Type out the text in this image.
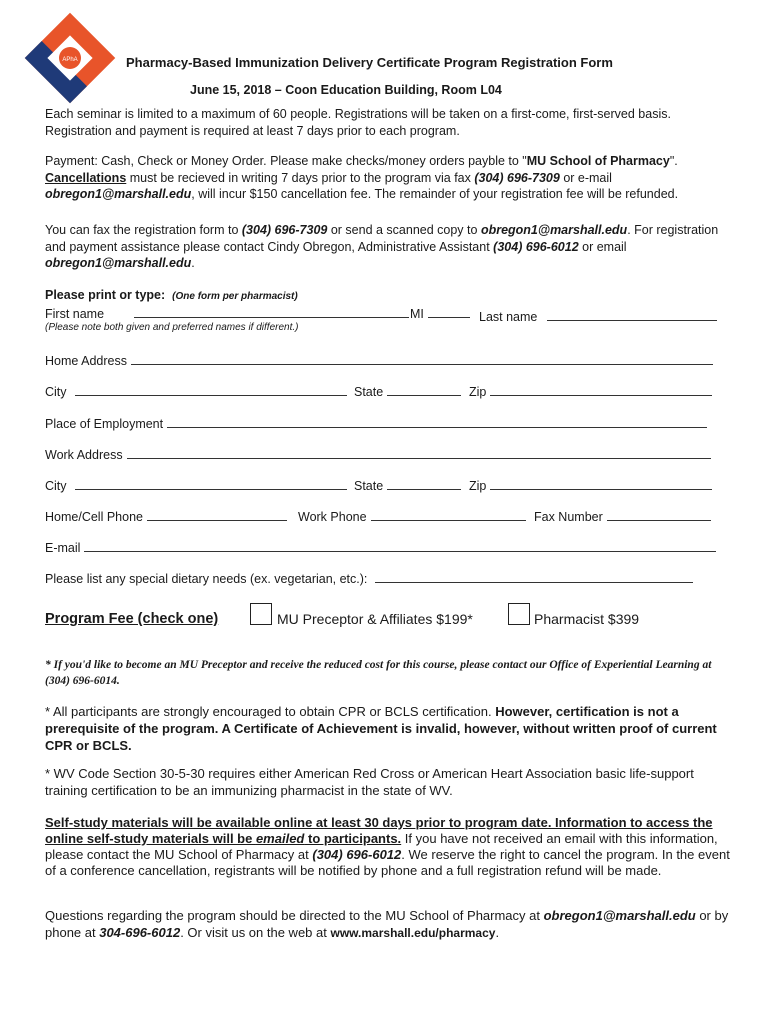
APhA	Pharmacy-Based Immunization Delivery Certificate Program Registration Form
June 15, 2018 – Coon Education Building, Room L04

Each seminar is limited to a maximum of 60 people. Registrations will be taken on a first-come, first-served basis.
Registration and payment is required at least 7 days prior to each program.

Payment: Cash, Check or Money Order. Please make checks/money orders payble to "MU School of Pharmacy". Cancellations must be recieved in writing 7 days prior to the program via fax (304) 696-7309 or e-mail obregon1@marshall.edu, will incur $150 cancellation fee. The remainder of your registration fee will be refunded.

You can fax the registration form to (304) 696-7309 or send a scanned copy to obregon1@marshall.edu. For registration and payment assistance please contact Cindy Obregon, Administrative Assistant (304) 696-6012 or email obregon1@marshall.edu.

Please print or type: (One form per pharmacist)
First name	MI	Last name
(Please note both given and preferred names if different.)
Home Address
City	State	Zip
Place of Employment
Work Address
City	State	Zip
Home/Cell Phone	Work Phone	Fax Number
E-mail
Please list any special dietary needs (ex. vegetarian, etc.):
Program Fee (check one)	MU Preceptor & Affiliates $199*	Pharmacist $399
* If you'd like to become an MU Preceptor and receive the reduced cost for this course, please contact our Office of Experiential Learning at (304) 696-6014.

* All participants are strongly encouraged to obtain CPR or BCLS certification. However, certification is not a prerequisite of the program. A Certificate of Achievement is invalid, however, without written proof of current CPR or BCLS.

* WV Code Section 30-5-30 requires either American Red Cross or American Heart Association basic life-support training certification to be an immunizing pharmacist in the state of WV.

Self-study materials will be available online at least 30 days prior to program date. Information to access the online self-study materials will be emailed to participants. If you have not received an email with this information, please contact the MU School of Pharmacy at (304) 696-6012. We reserve the right to cancel the program. In the event of a conference cancellation, registrants will be notified by phone and a full registration refund will be made.

Questions regarding the program should be directed to the MU School of Pharmacy at obregon1@marshall.edu or by phone at 304-696-6012. Or visit us on the web at www.marshall.edu/pharmacy.
